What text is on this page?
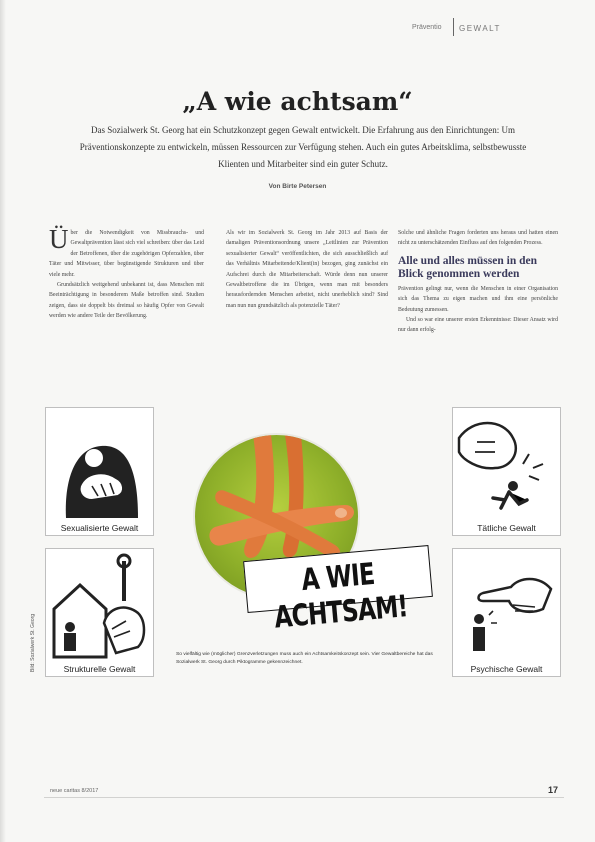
Präventio GEWALT
„A wie achtsam“

Das Sozialwerk St. Georg hat ein Schutzkonzept gegen Gewalt entwickelt. Die Erfahrung aus den Einrichtungen: Um Präventionskonzepte zu entwickeln, müssen Ressourcen zur Verfügung stehen. Auch ein gutes Arbeitsklima, selbstbewusste Klienten und Mitarbeiter sind ein guter Schutz.

Von Birte Petersen

Über die Notwendigkeit von Missbrauchs- und Gewaltprävention lässt sich viel schreiben: über das Leid der Betroffenen, über die zugehörigen Opferzahlen, über Täter und Mitwisser, über begünstigende Strukturen und über viele mehr.

Grundsätzlich weitgehend unbekannt ist, dass Menschen mit Beeinträchtigung in besonderem Maße betroffen sind. Studien zeigen, dass sie doppelt bis dreimal so häufig Opfer von Gewalt werden wie andere Teile der Bevölkerung.

Als wir im Sozialwerk St. Georg im Jahr 2013 auf Basis der damaligen Präventionsordnung unsere „Leitlinien zur Prävention sexualisierter Gewalt“ veröffentlichten, die sich ausschließlich auf das Verhältnis Mitarbeitende/Klient(in) bezogen, ging zunächst ein Aufschrei durch die Mitarbeiterschaft. Würde denn nun unserer Gewaltbetroffene die im Übrigen, wenn man mit besonders herausfordernden Menschen arbeitet, nicht unerheblich sind? Sind man nun nun grundsätzlich als potenzielle Täter?

Solche und ähnliche Fragen forderten uns heraus und hatten einen nicht zu unterschätzenden Einfluss auf den folgenden Prozess.

Alle und alles müssen in den Blick genommen werden

Prävention gelingt nur, wenn die Menschen in einer Organisation sich das Thema zu eigen machen und ihm eine persönliche Bedeutung zumessen.

Und so war eine unserer ersten Erkenntnisse: Dieser Ansatz wird nur dann erfolg-

Sexualisierte Gewalt
Strukturelle Gewalt
Tätliche Gewalt
Psychische Gewalt
Bild: Sozialwerk St. Georg
A WIE ACHTSAM!

So vielfältig wie (möglicher) Grenzverletzungen muss auch ein Achtsamkeitskonzept sein. Vier Gewaltbereiche hat das Sozialwerk St. Georg durch Piktogramme gekennzeichnet.

neue caritas 8/2017	17
